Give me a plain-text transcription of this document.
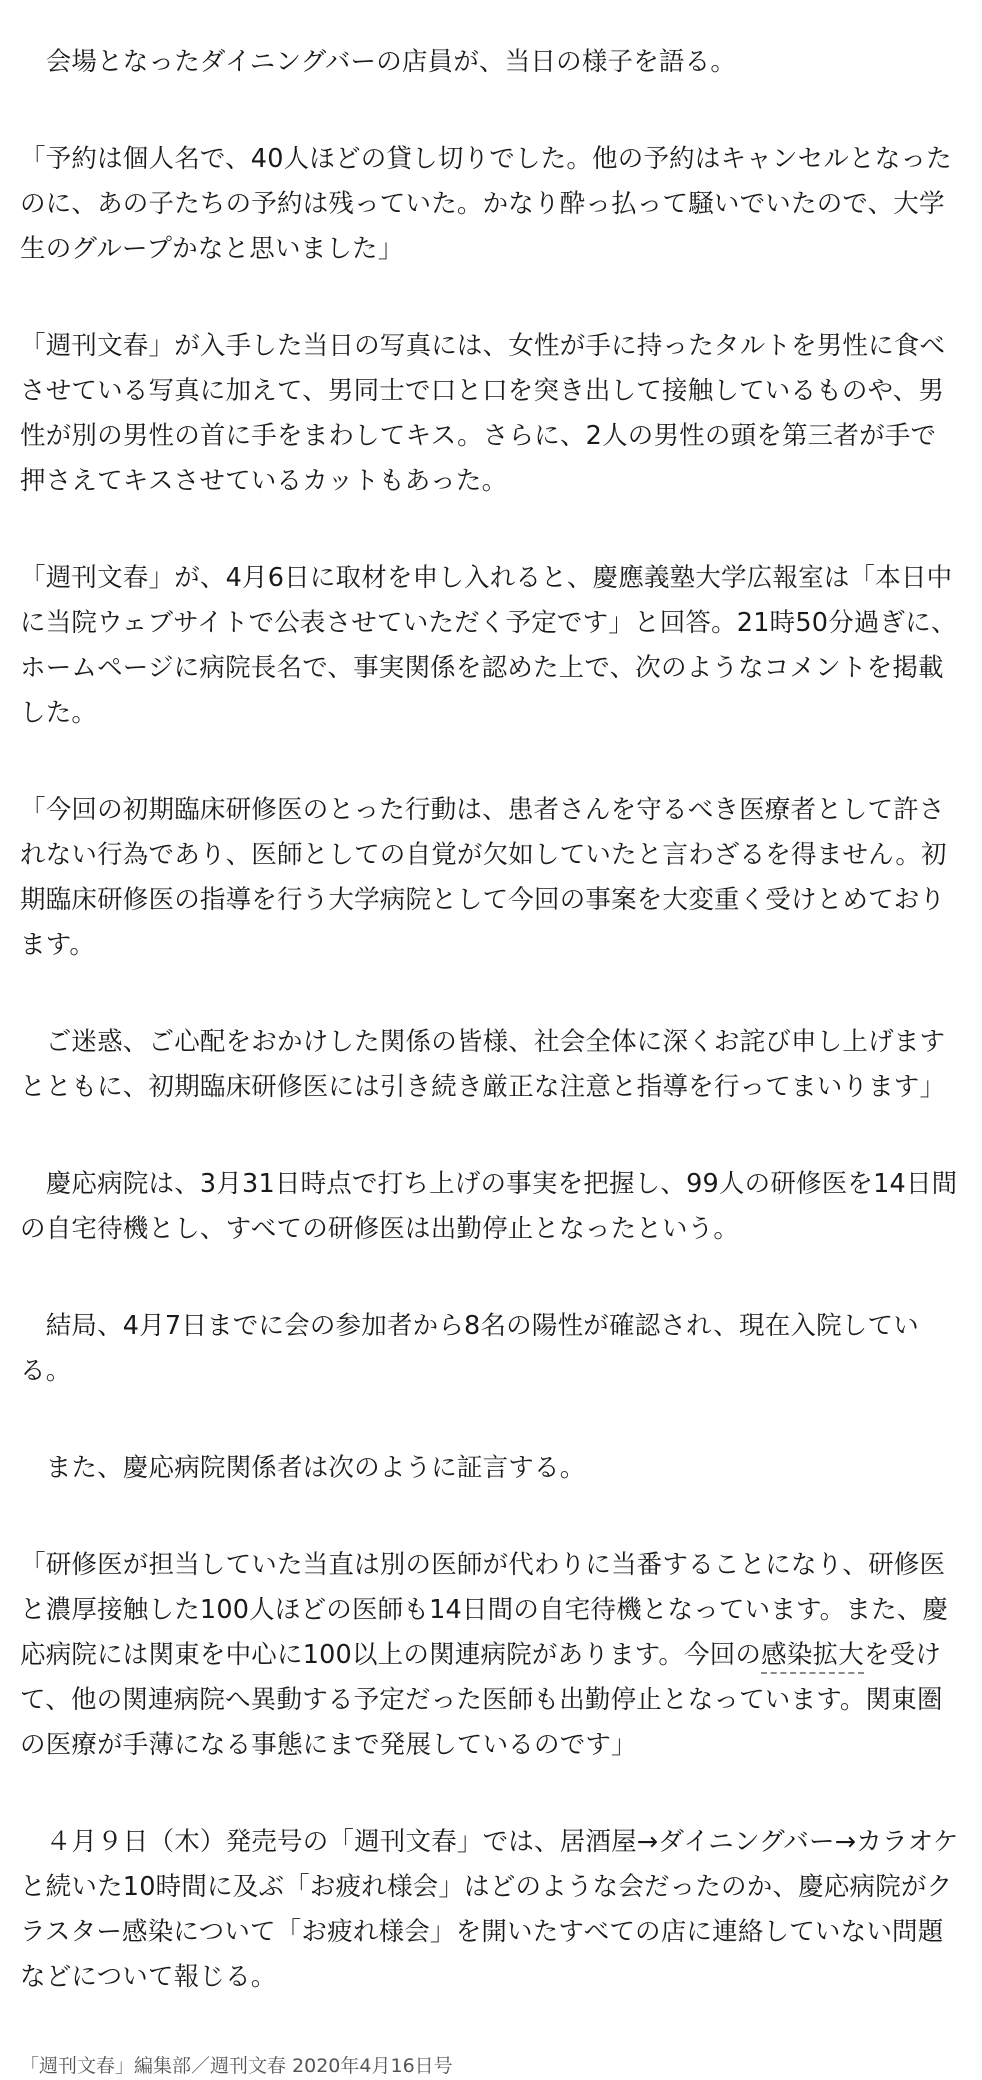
　会場となったダイニングバーの店員が、当日の様子を語る。

「予約は個人名で、40人ほどの貸し切りでした。他の予約はキャンセルとなったのに、あの子たちの予約は残っていた。かなり酔っ払って騒いでいたので、大学生のグループかなと思いました」

「週刊文春」が入手した当日の写真には、女性が手に持ったタルトを男性に食べさせている写真に加えて、男同士で口と口を突き出して接触しているものや、男性が別の男性の首に手をまわしてキス。さらに、2人の男性の頭を第三者が手で押さえてキスさせているカットもあった。

「週刊文春」が、4月6日に取材を申し入れると、慶應義塾大学広報室は「本日中に当院ウェブサイトで公表させていただく予定です」と回答。21時50分過ぎに、ホームページに病院長名で、事実関係を認めた上で、次のようなコメントを掲載した。

「今回の初期臨床研修医のとった行動は、患者さんを守るべき医療者として許されない行為であり、医師としての自覚が欠如していたと言わざるを得ません。初期臨床研修医の指導を行う大学病院として今回の事案を大変重く受けとめております。

　ご迷惑、ご心配をおかけした関係の皆様、社会全体に深くお詫び申し上げますとともに、初期臨床研修医には引き続き厳正な注意と指導を行ってまいります」

　慶応病院は、3月31日時点で打ち上げの事実を把握し、99人の研修医を14日間の自宅待機とし、すべての研修医は出勤停止となったという。

　結局、4月7日までに会の参加者から8名の陽性が確認され、現在入院している。

　また、慶応病院関係者は次のように証言する。

「研修医が担当していた当直は別の医師が代わりに当番することになり、研修医と濃厚接触した100人ほどの医師も14日間の自宅待機となっています。また、慶応病院には関東を中心に100以上の関連病院があります。今回の感染拡大を受けて、他の関連病院へ異動する予定だった医師も出勤停止となっています。関東圏の医療が手薄になる事態にまで発展しているのです」

　４月９日（木）発売号の「週刊文春」では、居酒屋→ダイニングバー→カラオケと続いた10時間に及ぶ「お疲れ様会」はどのような会だったのか、慶応病院がクラスター感染について「お疲れ様会」を開いたすべての店に連絡していない問題などについて報じる。

「週刊文春」編集部／週刊文春 2020年4月16日号
